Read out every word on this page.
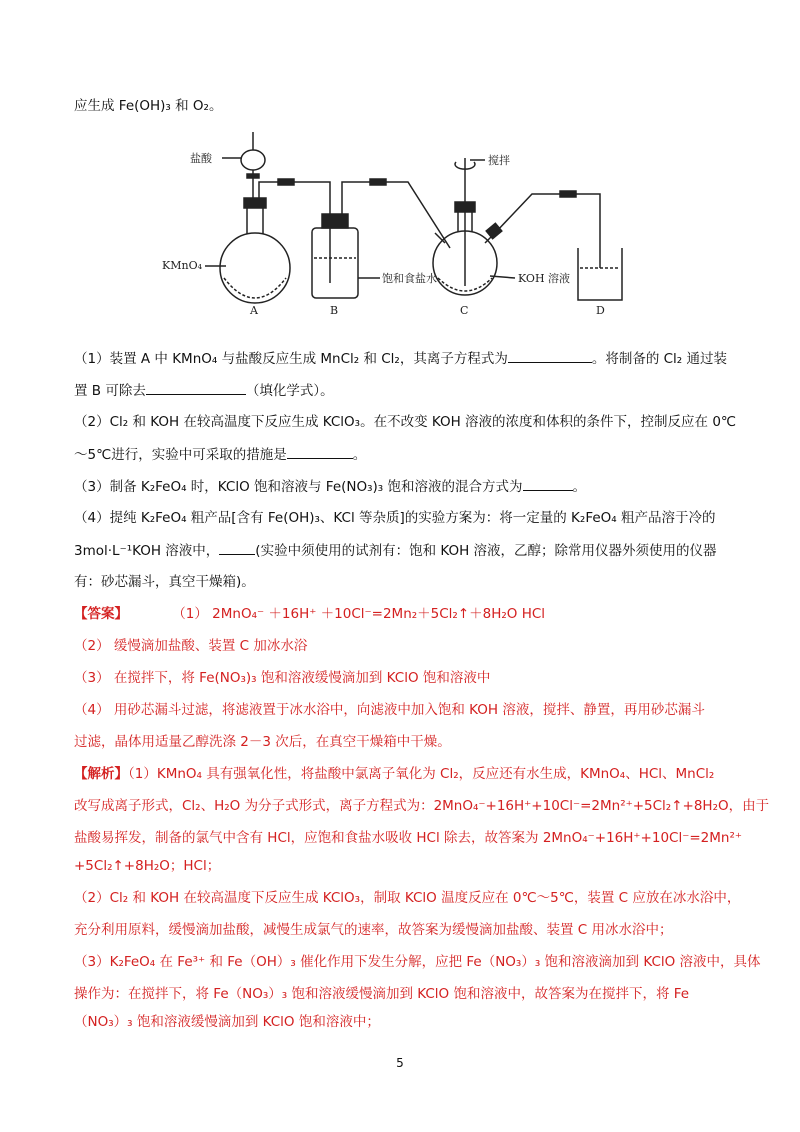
应生成 Fe(OH)₃ 和 O₂。
盐酸
KMnO₄
搅拌
饱和食盐水	KOH 溶液
A	B	C	D
（1）装置 A 中 KMnO₄ 与盐酸反应生成 MnCl₂ 和 Cl₂，其离子方程式为	。将制备的 Cl₂ 通过装
置 B 可除去	（填化学式）。
（2）Cl₂ 和 KOH 在较高温度下反应生成 KClO₃。在不改变 KOH 溶液的浓度和体积的条件下，控制反应在 0℃
～5℃进行，实验中可采取的措施是	。
（3）制备 K₂FeO₄ 时，KClO 饱和溶液与 Fe(NO₃)₃ 饱和溶液的混合方式为	。
（4）提纯 K₂FeO₄ 粗产品[含有 Fe(OH)₃、KCl 等杂质]的实验方案为：将一定量的 K₂FeO₄ 粗产品溶于冷的
3mol·L⁻¹KOH 溶液中，	(实验中须使用的试剂有：饱和 KOH 溶液，乙醇；除常用仪器外须使用的仪器
有：砂芯漏斗，真空干燥箱)。
【答案】	（1） 2MnO₄⁻ ＋16H⁺ ＋10Cl⁻=2Mn₂＋5Cl₂↑＋8H₂O HCl
（2） 缓慢滴加盐酸、装置 C 加冰水浴
（3） 在搅拌下，将 Fe(NO₃)₃ 饱和溶液缓慢滴加到 KClO 饱和溶液中
（4） 用砂芯漏斗过滤，将滤液置于冰水浴中，向滤液中加入饱和 KOH 溶液，搅拌、静置，再用砂芯漏斗
过滤，晶体用适量乙醇洗涤 2－3 次后，在真空干燥箱中干燥。
【解析】（1）KMnO₄ 具有强氧化性，将盐酸中氯离子氧化为 Cl₂，反应还有水生成，KMnO₄、HCl、MnCl₂
改写成离子形式，Cl₂、H₂O 为分子式形式，离子方程式为：2MnO₄⁻+16H⁺+10Cl⁻=2Mn²⁺+5Cl₂↑+8H₂O，由于
盐酸易挥发，制备的氯气中含有 HCl，应饱和食盐水吸收 HCl 除去，故答案为 2MnO₄⁻+16H⁺+10Cl⁻=2Mn²⁺
+5Cl₂↑+8H₂O；HCl；
（2）Cl₂ 和 KOH 在较高温度下反应生成 KClO₃，制取 KClO 温度反应在 0℃～5℃，装置 C 应放在冰水浴中，
充分利用原料，缓慢滴加盐酸，减慢生成氯气的速率，故答案为缓慢滴加盐酸、装置 C 用冰水浴中；
（3）K₂FeO₄ 在 Fe³⁺ 和 Fe（OH）₃ 催化作用下发生分解，应把 Fe（NO₃）₃ 饱和溶液滴加到 KClO 溶液中，具体
操作为：在搅拌下，将 Fe（NO₃）₃ 饱和溶液缓慢滴加到 KClO 饱和溶液中，故答案为在搅拌下，将 Fe
（NO₃）₃ 饱和溶液缓慢滴加到 KClO 饱和溶液中；
5
